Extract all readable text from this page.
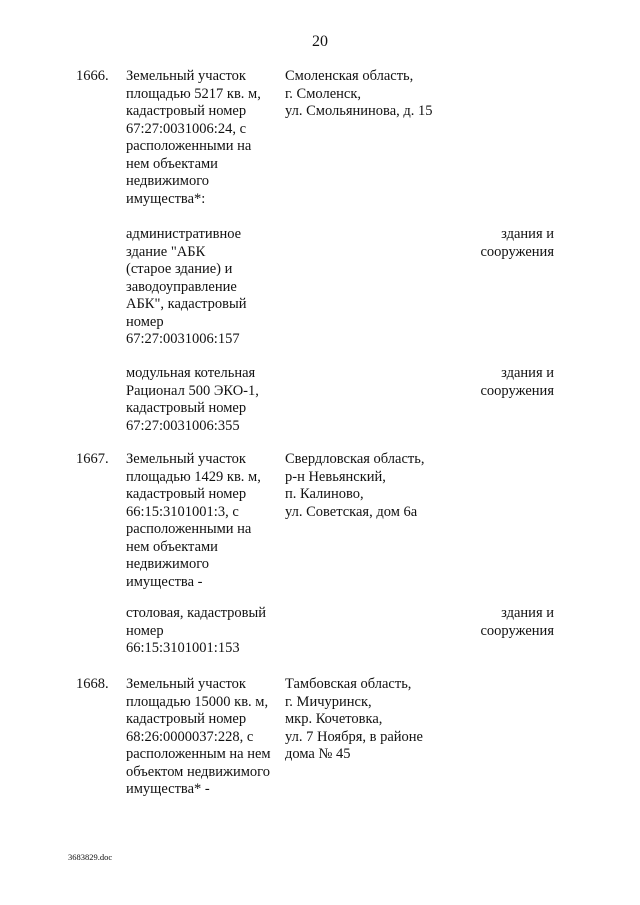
20
1666. Земельный участок
площадью 5217 кв. м,
кадастровый номер
67:27:0031006:24, с
расположенными на
нем объектами
недвижимого
имущества*:
Смоленская область,
г. Смоленск,
ул. Смольянинова, д. 15
административное
здание "АБК
(старое здание) и
заводоуправление
АБК", кадастровый
номер
67:27:0031006:157
здания и
сооружения
модульная котельная
Рационал 500 ЭКО-1,
кадастровый номер
67:27:0031006:355
здания и
сооружения
1667. Земельный участок
площадью 1429 кв. м,
кадастровый номер
66:15:3101001:3, с
расположенными на
нем объектами
недвижимого
имущества -
Свердловская область,
р-н Невьянский,
п. Калиново,
ул. Советская, дом 6а
столовая, кадастровый
номер
66:15:3101001:153
здания и
сооружения
1668. Земельный участок
площадью 15000 кв. м,
кадастровый номер
68:26:0000037:228, с
расположенным на нем
объектом недвижимого
имущества* -
Тамбовская область,
г. Мичуринск,
мкр. Кочетовка,
ул. 7 Ноября, в районе
дома № 45
3683829.doc
